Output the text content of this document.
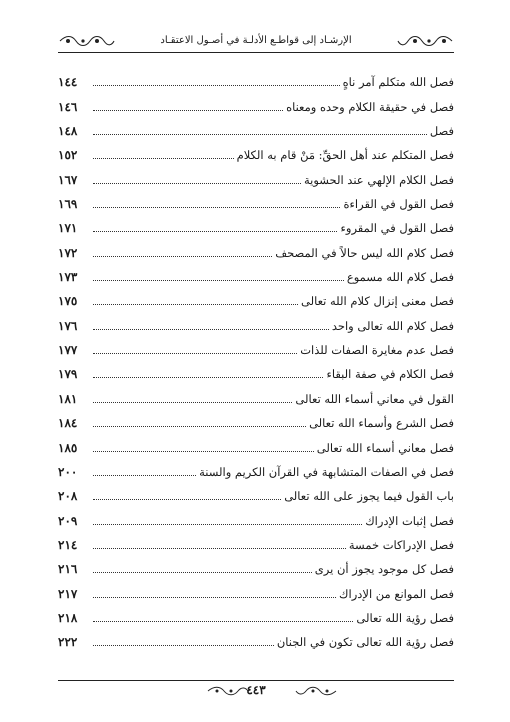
الإرشـاد إلى قواطـع الأدلـة في أصـول الاعتقـاد
١٤٤	فصل الله متكلم آمر ناهٍ
١٤٦	فصل في حقيقة الكلام وحده ومعناه
١٤٨	فصل
١٥٢	فصل المتكلم عند أهل الحقِّ: مَنْ قام به الكلام
١٦٧	فصل الكلام الإلهي عند الحشوية
١٦٩	فصل القول في القراءة
١٧١	فصل القول في المقروء
١٧٢	فصل كلام الله ليس حالاً في المصحف
١٧٣	فصل كلام الله مسموع
١٧٥	فصل معنى إنزال كلام الله تعالى
١٧٦	فصل كلام الله تعالى واحد
١٧٧	فصل عدم مغايرة الصفات للذات
١٧٩	فصل الكلام في صفة البقاء
١٨١	القول في معاني أسماء الله تعالى
١٨٤	فصل الشرع وأسماء الله تعالى
١٨٥	فصل معاني أسماء الله تعالى
٢٠٠	فصل في الصفات المتشابهة في القرآن الكريم والسنة
٢٠٨	باب القول فيما يجوز على الله تعالى
٢٠٩	فصل إثبات الإدراك
٢١٤	فصل الإدراكات خمسة
٢١٦	فصل كل موجود يجوز أن يرى
٢١٧	فصل الموانع من الإدراك
٢١٨	فصل رؤية الله تعالى
٢٢٢	فصل رؤية الله تعالى تكون في الجنان
٤٤٣
